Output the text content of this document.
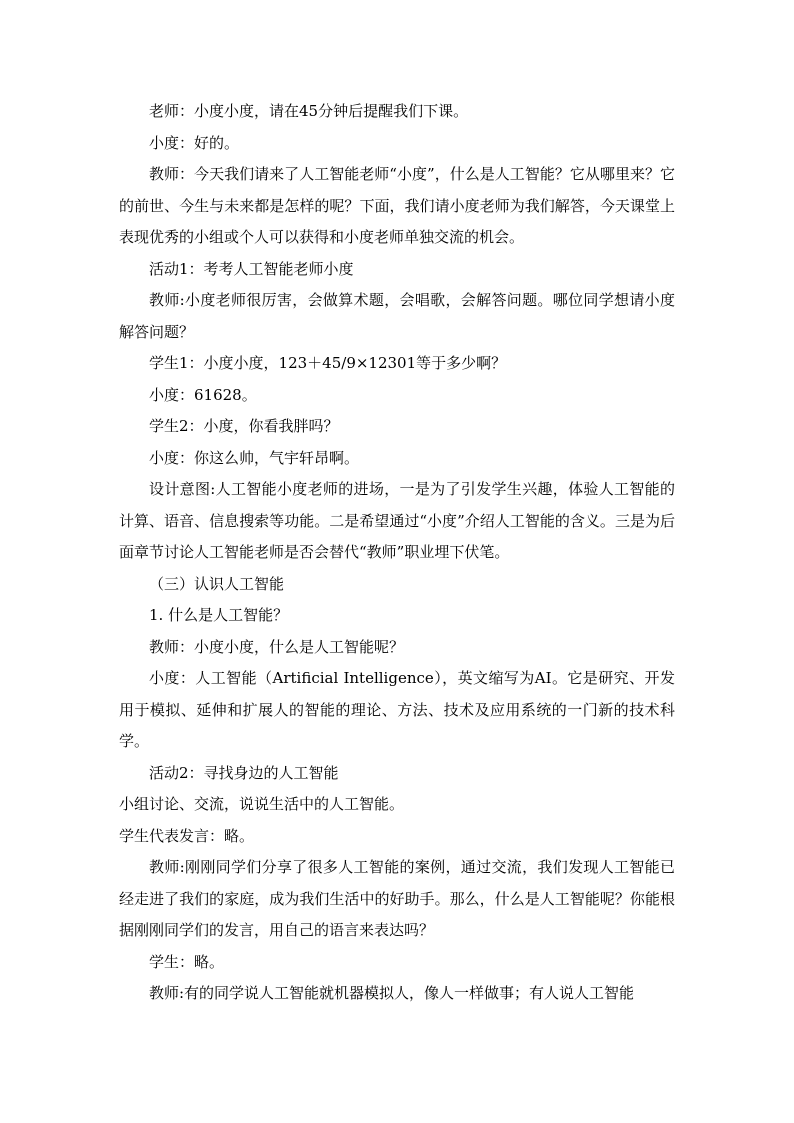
老师：小度小度，请在45分钟后提醒我们下课。

小度：好的。

教师：今天我们请来了人工智能老师“小度”，什么是人工智能？它从哪里来？它的前世、今生与未来都是怎样的呢？下面，我们请小度老师为我们解答，今天课堂上表现优秀的小组或个人可以获得和小度老师单独交流的机会。

活动1：考考人工智能老师小度

教师:小度老师很厉害，会做算术题，会唱歌，会解答问题。哪位同学想请小度解答问题？

学生1：小度小度，123＋45/9×12301等于多少啊？

小度：61628。

学生2：小度，你看我胖吗？

小度：你这么帅，气宇轩昂啊。

设计意图:人工智能小度老师的进场，一是为了引发学生兴趣，体验人工智能的计算、语音、信息搜索等功能。二是希望通过“小度”介绍人工智能的含义。三是为后面章节讨论人工智能老师是否会替代“教师”职业埋下伏笔。

（三）认识人工智能

1. 什么是人工智能？

教师：小度小度，什么是人工智能呢？

小度：人工智能（Artificial Intelligence），英文缩写为AI。它是研究、开发用于模拟、延伸和扩展人的智能的理论、方法、技术及应用系统的一门新的技术科学。

活动2：寻找身边的人工智能

小组讨论、交流，说说生活中的人工智能。

学生代表发言：略。

教师:刚刚同学们分享了很多人工智能的案例，通过交流，我们发现人工智能已经走进了我们的家庭，成为我们生活中的好助手。那么，什么是人工智能呢？你能根据刚刚同学们的发言，用自己的语言来表达吗？

学生：略。

教师:有的同学说人工智能就机器模拟人，像人一样做事；有人说人工智能
